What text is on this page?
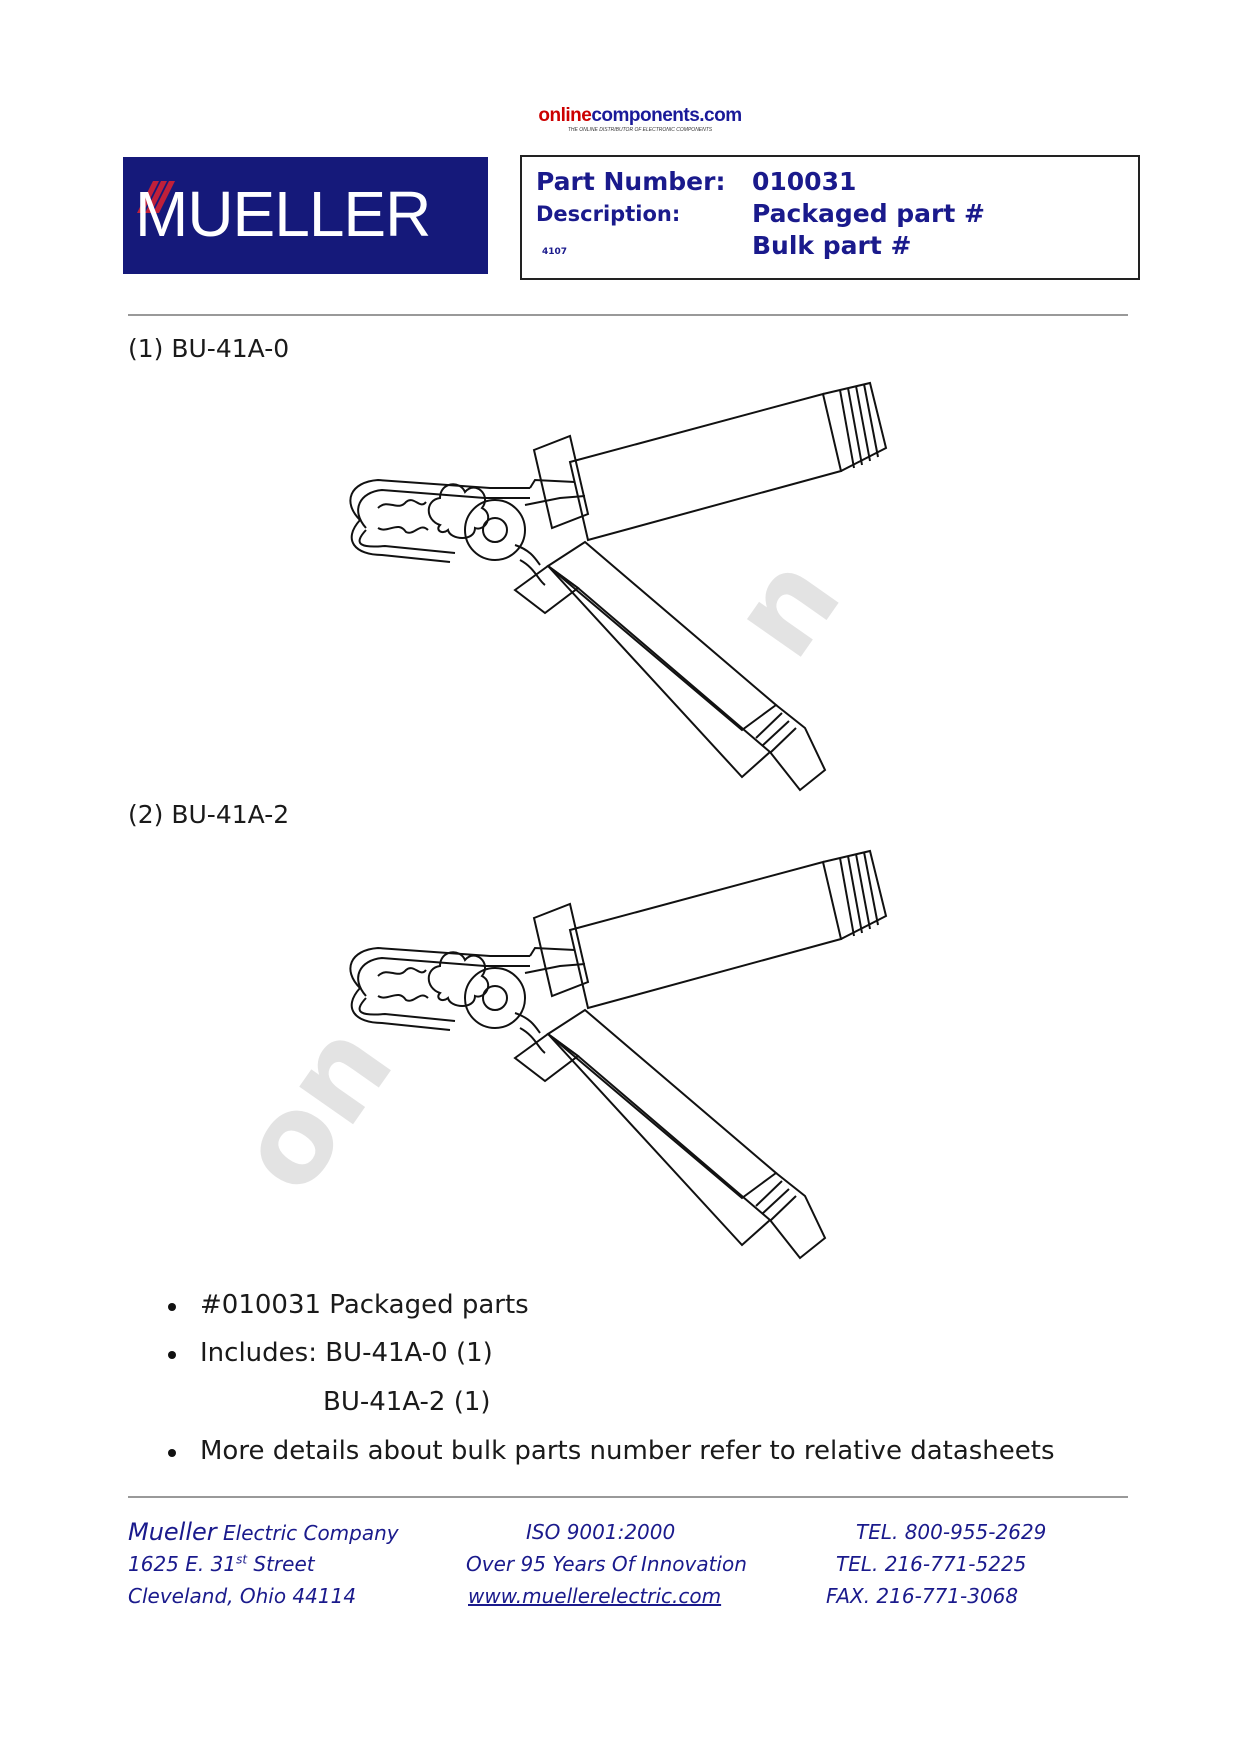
onlinecomponents.com
THE ONLINE DISTRIBUTOR OF ELECTRONIC COMPONENTS
MUELLER	Part Number: 010031
Description:	Packaged part #
Bulk part #
4107
(1) BU-41A-0
on
n
(2) BU-41A-2
#010031 Packaged parts
Includes: BU-41A-0 (1)
BU-41A-2 (1)
More details about bulk parts number refer to relative datasheets
Mueller Electric Company
1625 E. 31st Street
Cleveland, Ohio 44114
ISO 9001:2000
Over 95 Years Of Innovation
www.muellerelectric.com
TEL. 800-955-2629
TEL. 216-771-5225
FAX. 216-771-3068
